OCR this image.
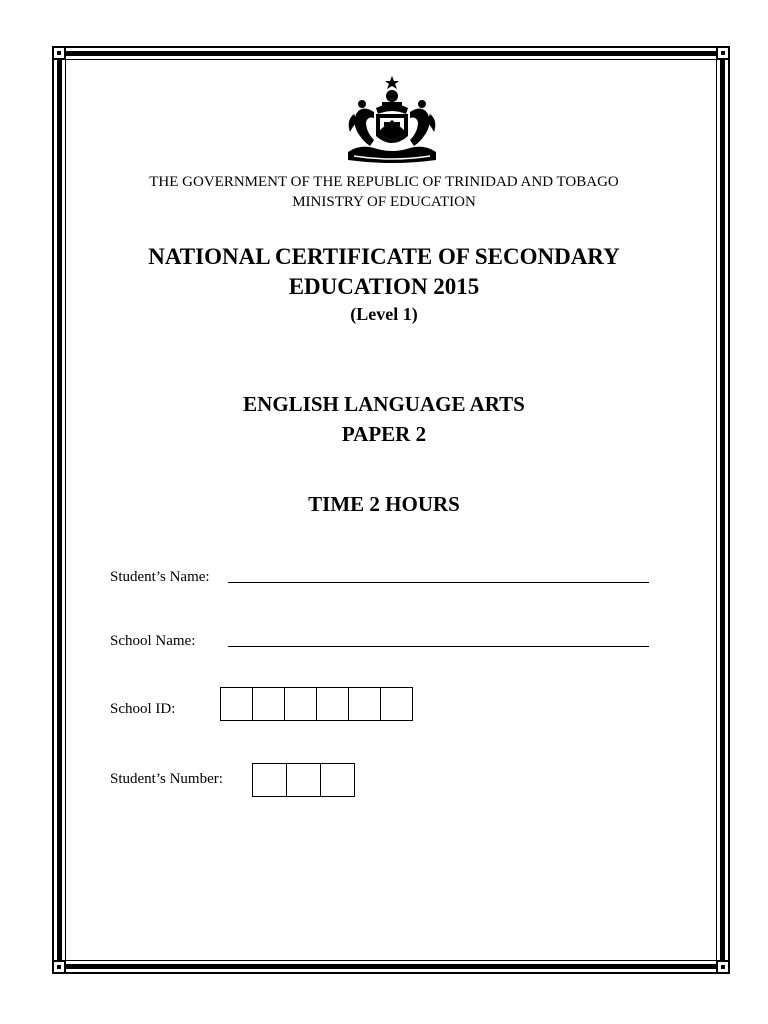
THE GOVERNMENT OF THE REPUBLIC OF TRINIDAD AND TOBAGO

MINISTRY OF EDUCATION

NATIONAL CERTIFICATE OF SECONDARY

EDUCATION 2015

(Level 1)

ENGLISH LANGUAGE ARTS

PAPER 2

TIME 2 HOURS

Student’s Name:

School Name:

School ID:

Student’s Number:
